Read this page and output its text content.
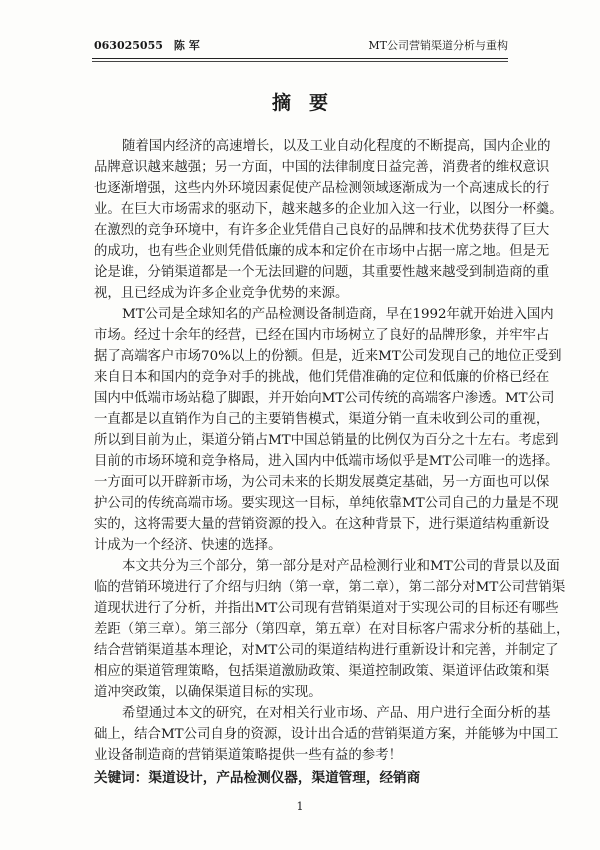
063025055　陈 军	MT公司营销渠道分析与重构
摘要

随着国内经济的高速增长，以及工业自动化程度的不断提高，国内企业的
品牌意识越来越强；另一方面，中国的法律制度日益完善，消费者的维权意识
也逐渐增强，这些内外环境因素促使产品检测领域逐渐成为一个高速成长的行
业。在巨大市场需求的驱动下，越来越多的企业加入这一行业，以图分一杯羹。
在激烈的竞争环境中，有许多企业凭借自己良好的品牌和技术优势获得了巨大
的成功，也有些企业则凭借低廉的成本和定价在市场中占据一席之地。但是无
论是谁，分销渠道都是一个无法回避的问题，其重要性越来越受到制造商的重
视，且已经成为许多企业竞争优势的来源。

MT公司是全球知名的产品检测设备制造商，早在1992年就开始进入国内
市场。经过十余年的经营，已经在国内市场树立了良好的品牌形象，并牢牢占
据了高端客户市场70%以上的份额。但是，近来MT公司发现自己的地位正受到
来自日本和国内的竞争对手的挑战，他们凭借准确的定位和低廉的价格已经在
国内中低端市场站稳了脚跟，并开始向MT公司传统的高端客户渗透。MT公司
一直都是以直销作为自己的主要销售模式，渠道分销一直未收到公司的重视，
所以到目前为止，渠道分销占MT中国总销量的比例仅为百分之十左右。考虑到
目前的市场环境和竞争格局，进入国内中低端市场似乎是MT公司唯一的选择。
一方面可以开辟新市场，为公司未来的长期发展奠定基础，另一方面也可以保
护公司的传统高端市场。要实现这一目标，单纯依靠MT公司自己的力量是不现
实的，这将需要大量的营销资源的投入。在这种背景下，进行渠道结构重新设
计成为一个经济、快速的选择。

本文共分为三个部分，第一部分是对产品检测行业和MT公司的背景以及面
临的营销环境进行了介绍与归纳（第一章，第二章），第二部分对MT公司营销渠
道现状进行了分析，并指出MT公司现有营销渠道对于实现公司的目标还有哪些
差距（第三章）。第三部分（第四章，第五章）在对目标客户需求分析的基础上，
结合营销渠道基本理论，对MT公司的渠道结构进行重新设计和完善，并制定了
相应的渠道管理策略，包括渠道激励政策、渠道控制政策、渠道评估政策和渠
道冲突政策，以确保渠道目标的实现。

希望通过本文的研究，在对相关行业市场、产品、用户进行全面分析的基
础上，结合MT公司自身的资源，设计出合适的营销渠道方案，并能够为中国工
业设备制造商的营销渠道策略提供一些有益的参考！

关键词：渠道设计，产品检测仪器，渠道管理，经销商
1
